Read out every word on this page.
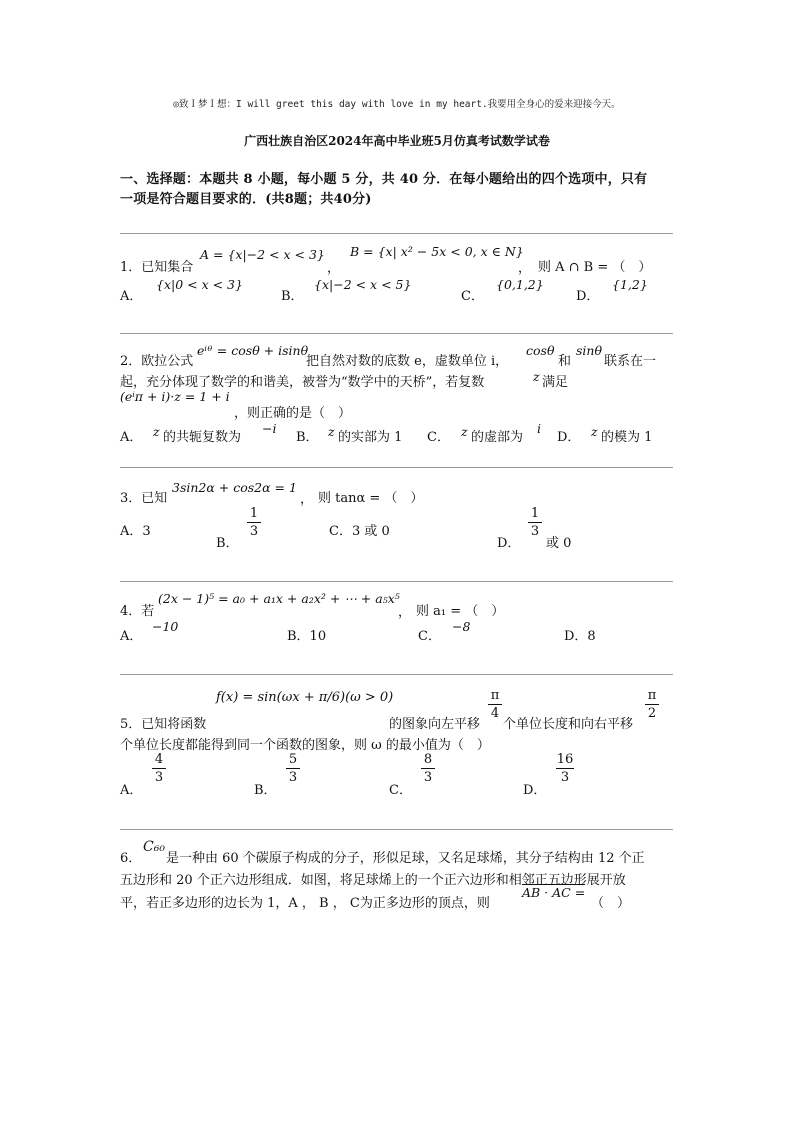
◎致Ｉ梦Ｉ想：I will greet this day with love in my heart.我要用全身心的爱来迎接今天。
广西壮族自治区2024年高中毕业班5月仿真考试数学试卷
一、选择题：本题共 8 小题，每小题 5 分，共 40 分．在每小题给出的四个选项中，只有
一项是符合题目要求的．(共8题；共40分)
1．已知集合
A = {x|−2 < x < 3}
，
B = {x| x² − 5x < 0, x ∈ N}
， 则 A ∩ B = （　）
A．
{x|0 < x < 3}
B．
{x|−2 < x < 5}
C．
{0,1,2}
D．
{1,2}
2．欧拉公式
eⁱᶿ = cosθ + isinθ
把自然对数的底数 e，虚数单位 i，
cosθ
和
sinθ
联系在一
起，充分体现了数学的和谐美，被誉为“数学中的天桥”，若复数	z 满足
(eⁱπ + i)·z = 1 + i
，则正确的是（　）
A． z 的共轭复数为
−i
B． z 的实部为 1 C． z 的虚部为
i
D． z 的模为 1
3．已知
3sin2α + cos2α = 1
， 则 tanα = （　）
A．3
B．
1
3	C．3 或 0
D．
1
3
或 0
4．若
(2x − 1)⁵ = a₀ + a₁x + a₂x² + ⋯ + a₅x⁵
， 则 a₁ = （　）
A．
−10
B．10	C．
−8
D．8
f(x) = sin(ωx + π/6)(ω > 0)
5．已知将函数	的图象向左平移
π
4
个单位长度和向右平移
π
2
个单位长度都能得到同一个函数的图象，则 ω 的最小值为（　）
A．
4
3
B．
5
3
C．
8
3
D．
16
3
C₆₀
6． 是一种由 60 个碳原子构成的分子，形似足球，又名足球烯，其分子结构由 12 个正
五边形和 20 个正六边形组成．如图，将足球烯上的一个正六边形和相邻正五边形展开放
平，若正多边形的边长为 1，A ， B ， C为正多边形的顶点，则
AB · AC =
（　）
